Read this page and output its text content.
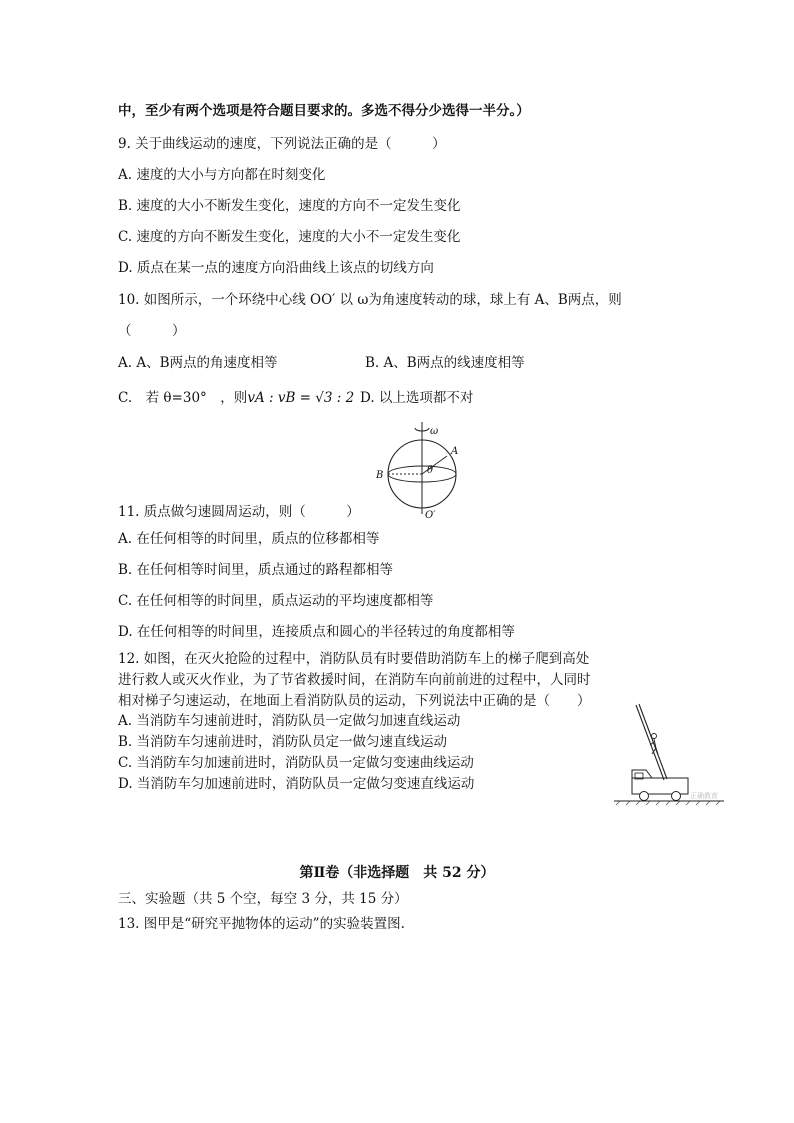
中，至少有两个选项是符合题目要求的。多选不得分少选得一半分。）
9. 关于曲线运动的速度，下列说法正确的是（　　　）
A. 速度的大小与方向都在时刻变化
B. 速度的大小不断发生变化，速度的方向不一定发生变化
C. 速度的方向不断发生变化，速度的大小不一定发生变化
D. 质点在某一点的速度方向沿曲线上该点的切线方向
10. 如图所示，一个环绕中心线 OO′ 以 ω为角速度转动的球，球上有 A、B两点，则
（　　　）
A. A、B两点的角速度相等	B. A、B两点的线速度相等
C.　若 θ=30°　，则vA : vB = √3 : 2 D. 以上选项都不对
ω
A
B	θ
O′
11. 质点做匀速圆周运动，则（　　　）
A. 在任何相等的时间里，质点的位移都相等
B. 在任何相等时间里，质点通过的路程都相等
C. 在任何相等的时间里，质点运动的平均速度都相等
D. 在任何相等的时间里，连接质点和圆心的半径转过的角度都相等
12. 如图，在灭火抢险的过程中，消防队员有时要借助消防车上的梯子爬到高处
进行救人或灭火作业，为了节省救援时间，在消防车向前前进的过程中，人同时
相对梯子匀速运动，在地面上看消防队员的运动，下列说法中正确的是（　　）
A. 当消防车匀速前进时，消防队员一定做匀加速直线运动
B. 当消防车匀速前进时，消防队员定一做匀速直线运动
C. 当消防车匀加速前进时，消防队员一定做匀变速曲线运动
D. 当消防车匀加速前进时，消防队员一定做匀变速直线运动
正确教育
第Ⅱ卷（非选择题　共 52 分）
三、实验题（共 5 个空，每空 3 分，共 15 分）
13. 图甲是“研究平抛物体的运动”的实验装置图.
